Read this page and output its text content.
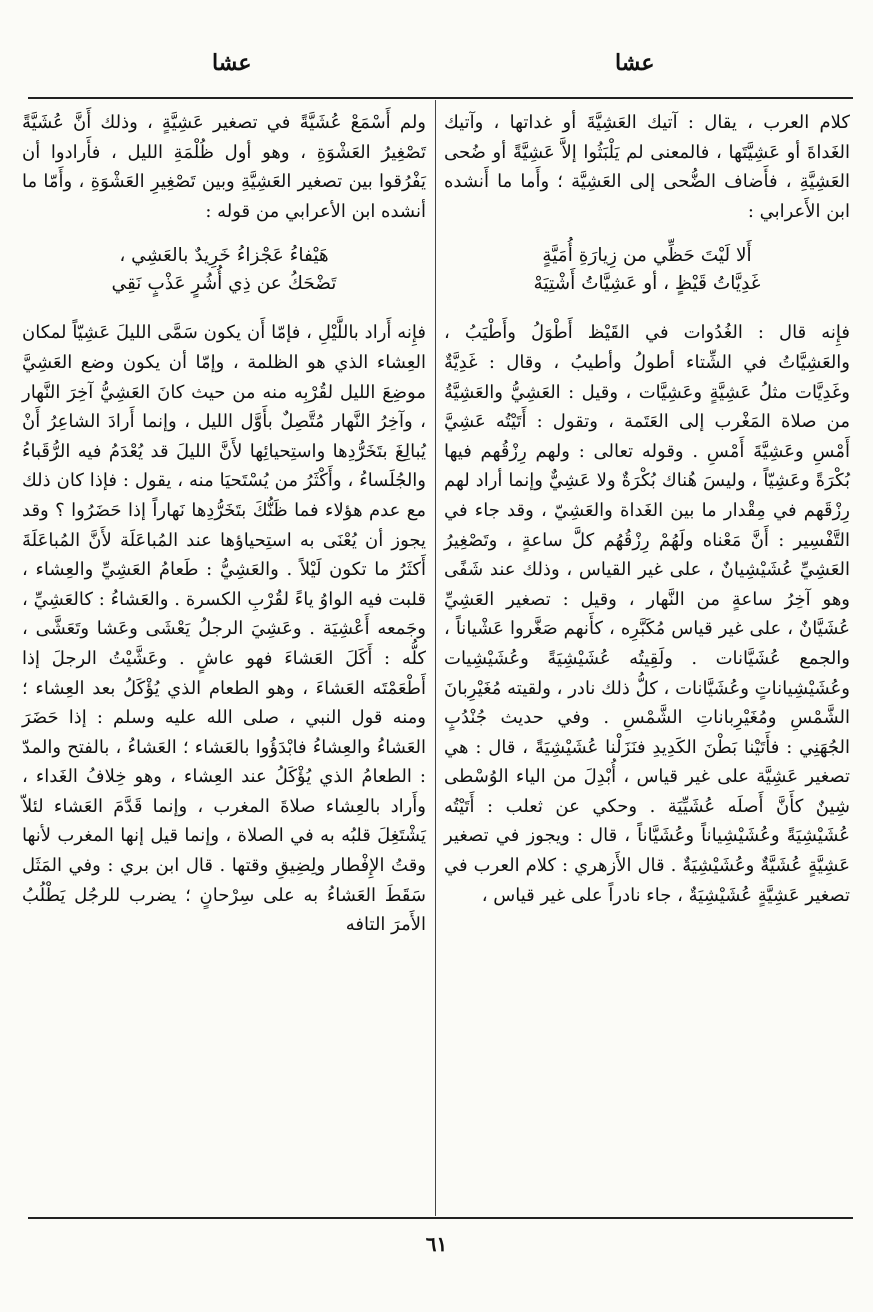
عشا
عشا

كلام العرب ، يقال : آتيك العَشِيَّةَ أو غداتها ، وآتيك الغَداةَ أو عَشِيَّتَها ، فالمعنى لم يَلْبَثُوا إلاَّ عَشِيَّةً أو ضُحى العَشِيَّةِ ، فأَضاف الضُّحى إلى العَشِيَّة ؛ وأَما ما أَنشده ابن الأَعرابي :

أَلا لَيْتَ حَظِّي من زِيارَةِ أُمَيَّةٍ

غَدِيَّاتُ قَيْظٍ ، أو عَشِيَّاتُ أَشْتِيَهْ

فإِنه قال : الغُدُوات في القَيْظ أَطْوَلُ وأَطْيَبُ ، والعَشِيَّاتُ في الشِّتاء أطولُ وأطيبُ ، وقال : غَدِيَّةٌ وغَدِيَّات مثلُ عَشِيَّةٍ وعَشِيَّات ، وقيل : العَشِيُّ والعَشِيَّةُ من صلاة المَغْرب إلى العَتَمة ، وتقول : أَتَيْتُه عَشِيَّ أَمْسِ وعَشِيَّةَ أَمْسِ . وقوله تعالى : ولهم رِزْقُهم فيها بُكْرَةً وعَشِيّاً ، وليسَ هُناك بُكْرَةٌ ولا عَشِيٌّ وإنما أراد لهم رِزْقَهم في مِقْدار ما بين الغَداة والعَشِيّ ، وقد جاء في التَّفْسِير : أَنَّ مَعْناه ولَهُمْ رِزْقُهُم كلَّ ساعةٍ ، وتَصْغِيرُ العَشِيِّ عُشَيْشِيانٌ ، على غير القياس ، وذلك عند شَفًى وهو آخِرُ ساعةٍ من النَّهار ، وقيل : تصغير العَشِيِّ عُشَيَّانٌ ، على غير قياس مُكَبَّرِه ، كأَنهم صَغَّروا عَشْياناً ، والجمع عُشَيَّانات . ولَقِيتُه عُشَيْشِيَةً وعُشَيْشِيات وعُشَيْشِياناتٍ وعُشَيَّانات ، كلُّ ذلك نادر ، ولقيته مُغَيْرِبانَ الشَّمْسِ ومُغَيْرِباناتِ الشَّمْسِ . وفي حديث جُنْدُبٍ الجُهَنِي : فأَتَيْنا بَطْنَ الكَدِيدِ فنَزَلْنا عُشَيْشِيَةً ، قال : هي تصغير عَشِيَّة على غير قياس ، أُبْدِلَ من الياء الوُسْطى شِينٌ كأَنَّ أَصلَه عُشَيِّيَة . وحكي عن ثعلب : أَتَيْتُه عُشَيْشِيَةً وعُشَيْشِياناً وعُشَيَّاناً ، قال : ويجوز في تصغير عَشِيَّةٍ عُشَيَّةٌ وعُشَيْشِيَةٌ . قال الأَزهري : كلام العرب في تصغير عَشِيَّةٍ عُشَيْشِيَةٌ ، جاء نادراً على غير قياس ،

ولم أَسْمَعْ عُشَيَّةً في تصغير عَشِيَّةٍ ، وذلك أَنَّ عُشَيَّةً تَصْغِيرُ العَشْوَةِ ، وهو أول ظُلْمَةِ الليل ، فأَرادوا أن يَفْرُقوا بين تصغير العَشِيَّةِ وبين تَصْغِيرِ العَشْوَةِ ، وأَمّا ما أنشده ابن الأعرابي من قوله :

هَيْفاءُ عَجْزاءُ خَرِيدٌ بالعَشِي ،

تَضْحَكُ عن ذِي أُشُرٍ عَذْبٍ نَقِي

فإِنه أَراد باللَّيْلِ ، فإمّا أَن يكون سَمَّى الليلَ عَشِيّاً لمكان العِشاء الذي هو الظلمة ، وإمّا أن يكون وضع العَشِيَّ موضِعَ الليل لقُرْبِه منه من حيث كانَ العَشِيُّ آخِرَ النَّهار ، وآخِرُ النَّهار مُتَّصِلٌ بأَوَّل الليل ، وإنما أَرادَ الشاعِرُ أَنْ يُبالِغَ بتَخَرُّدِها واستِحيائِها لأَنَّ الليلَ قد يُعْدَمُ فيه الرُّقَباءُ والجُلَساءُ ، وأَكْثَرُ من يُسْتَحيَا منه ، يقول : فإذا كان ذلك مع عدم هؤلاء فما ظَنُّكَ بتَخَرُّدِها نَهاراً إذا حَضَرُوا ؟ وقد يجوز أن يُعْنَى به استِحياؤها عند المُباعَلَة لأَنَّ المُباعَلَةَ أَكثَرُ ما تكون لَيْلاً . والعَشِيُّ : طَعامُ العَشِيِّ والعِشاء ، قلبت فيه الواوُ ياءً لقُرْبِ الكسرة . والعَشاءُ : كالعَشِيِّ ، وجَمعه أَعْشِيَة . وعَشِيَ الرجلُ يَعْشَى وعَشا وتَعَشَّى ، كلُّه : أَكَلَ العَشاءَ فهو عاشٍ . وعَشَّيْتُ الرجلَ إذا أَطْعَمْتَه العَشاءَ ، وهو الطعام الذي يُؤْكَلُ بعد العِشاء ؛ ومنه قول النبي ، صلى الله عليه وسلم : إذا حَضَرَ العَشاءُ والعِشاءُ فابْدَؤُوا بالعَشاء ؛ العَشاءُ ، بالفتح والمدّ : الطعامُ الذي يُؤْكَلُ عند العِشاء ، وهو خِلافُ الغَداء ، وأَراد بالعِشاء صلاةَ المغرب ، وإنما قَدَّمَ العَشاء لئلاّ يَشْتَغِلَ قلبُه به في الصلاة ، وإنما قيل إنها المغرب لأنها وقتُ الإِفْطار ولِضِيقِ وقتها . قال ابن بري : وفي المَثَل سَقَطَ العَشاءُ به على سِرْحانٍ ؛ يضرب للرجُل يَطْلُبُ الأَمرَ التافه

٦١
